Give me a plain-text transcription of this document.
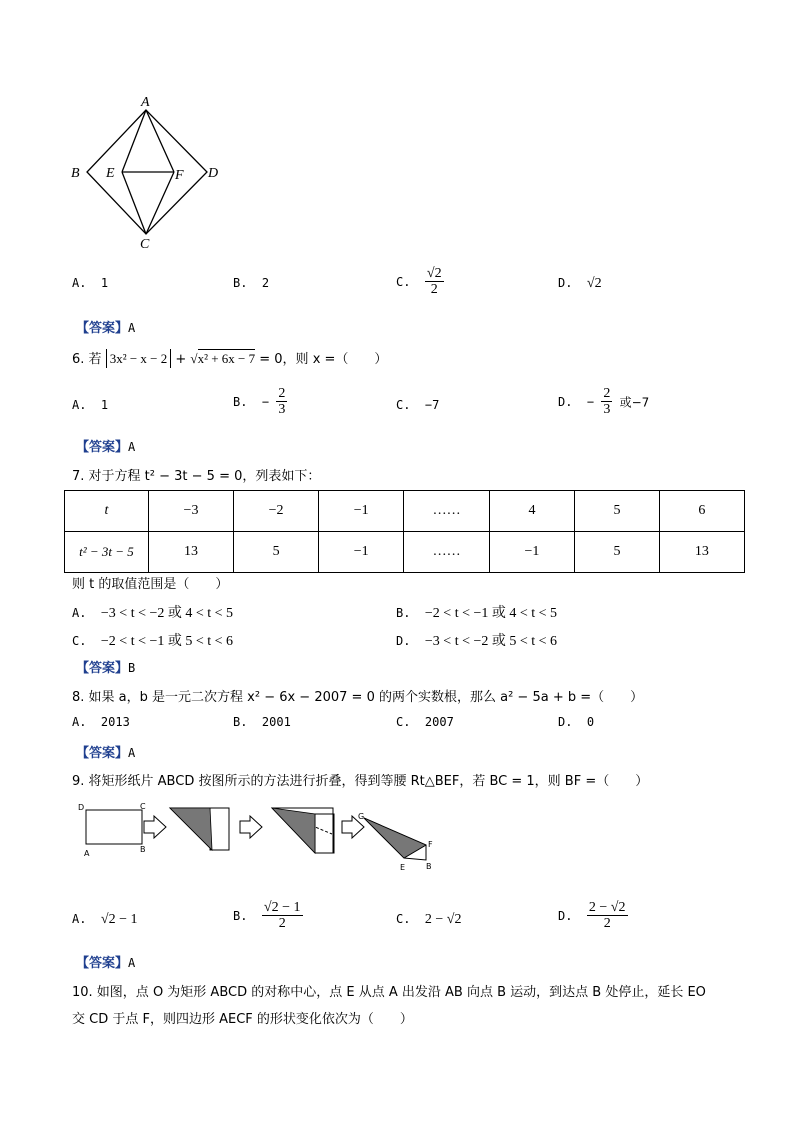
A
B E	F D
C
A. 1	B. 2	C. $\frac{√2}{2}$	D. √2
【答案】A
6. 若 3x² − x − 2 + √x² + 6x − 7 = 0，则 x =（　　）
A. 1	B. − $\frac{2}{3}$	C. −7	D. − $\frac{2}{3}$ 或−7
【答案】A
7. 对于方程 t² − 3t − 5 = 0，列表如下：
t	−3	−2	−1	……	4	5	6
t² − 3t − 5	13	5	−1	……	−1	5	13
则 t 的取值范围是（　　）
A. −3 < t < −2 或 4 < t < 5	B. −2 < t < −1 或 4 < t < 5
C. −2 < t < −1 或 5 < t < 6	D. −3 < t < −2 或 5 < t < 6
【答案】B
8. 如果 a，b 是一元二次方程 x² − 6x − 2007 = 0 的两个实数根，那么 a² − 5a + b =（　　）
A. 2013	B. 2001	C. 2007	D. 0
【答案】A
9. 将矩形纸片 ABCD 按图所示的方法进行折叠，得到等腰 Rt△BEF，若 BC = 1，则 BF =（　　）
D	C
A	B
G
F
E	B
A. √2 − 1	B. $\frac{√2 - 1}{2}$	C. 2 − √2	D. $\frac{2 - √2}{2}$
【答案】A
10. 如图，点 O 为矩形 ABCD 的对称中心，点 E 从点 A 出发沿 AB 向点 B 运动，到达点 B 处停止，延长 EO
交 CD 于点 F，则四边形 AECF 的形状变化依次为（　　）
